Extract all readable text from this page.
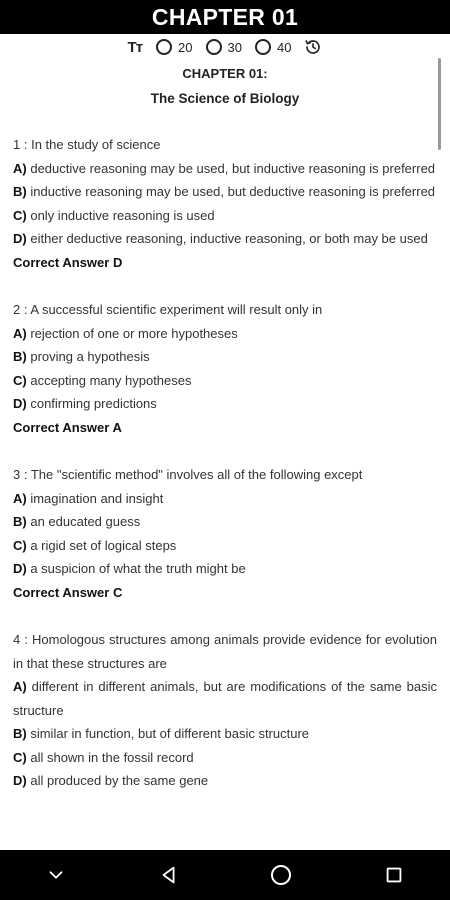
CHAPTER 01
Tт	20	30	40
CHAPTER 01:
The Science of Biology
1 : In the study of science
A) deductive reasoning may be used, but inductive reasoning is preferred
B) inductive reasoning may be used, but deductive reasoning is preferred
C) only inductive reasoning is used
D) either deductive reasoning, inductive reasoning, or both may be used
Correct Answer D
2 : A successful scientific experiment will result only in
A) rejection of one or more hypotheses
B) proving a hypothesis
C) accepting many hypotheses
D) confirming predictions
Correct Answer A
3 : The "scientific method" involves all of the following except
A) imagination and insight
B) an educated guess
C) a rigid set of logical steps
D) a suspicion of what the truth might be
Correct Answer C
4 : Homologous structures among animals provide evidence for evolution in that these structures are
A) different in different animals, but are modifications of the same basic structure
B) similar in function, but of different basic structure
C) all shown in the fossil record
D) all produced by the same gene
